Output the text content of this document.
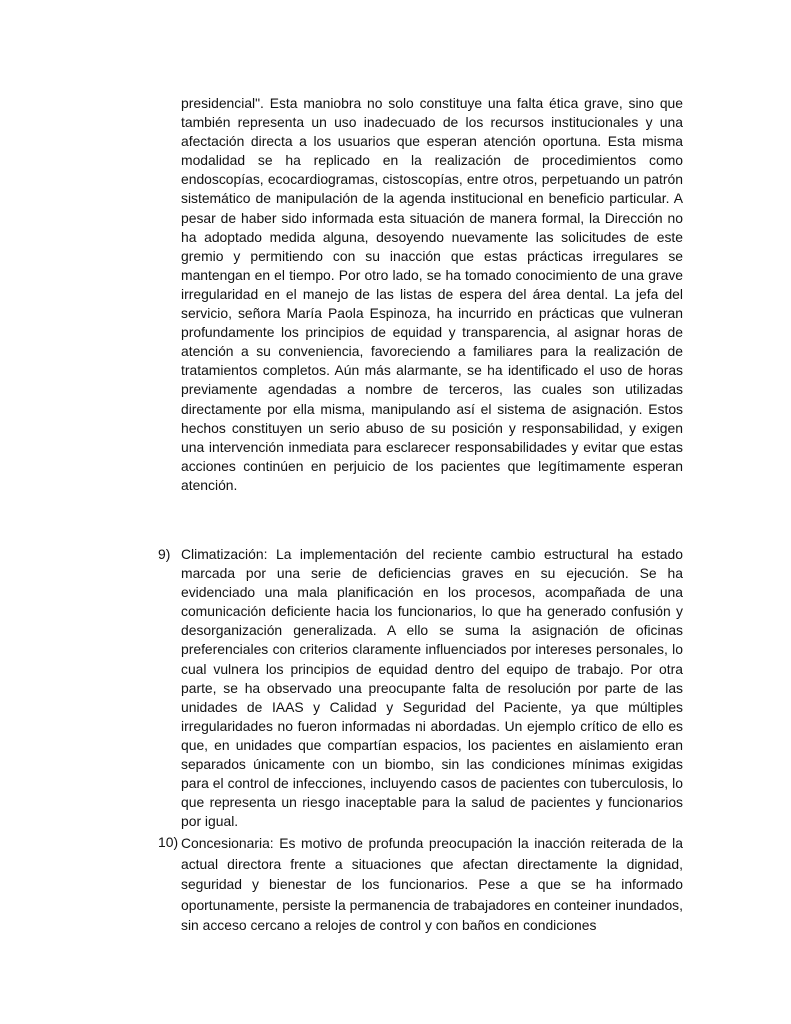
presidencial". Esta maniobra no solo constituye una falta ética grave, sino que también representa un uso inadecuado de los recursos institucionales y una afectación directa a los usuarios que esperan atención oportuna. Esta misma modalidad se ha replicado en la realización de procedimientos como endoscopías, ecocardiogramas, cistoscopías, entre otros, perpetuando un patrón sistemático de manipulación de la agenda institucional en beneficio particular. A pesar de haber sido informada esta situación de manera formal, la Dirección no ha adoptado medida alguna, desoyendo nuevamente las solicitudes de este gremio y permitiendo con su inacción que estas prácticas irregulares se mantengan en el tiempo. Por otro lado, se ha tomado conocimiento de una grave irregularidad en el manejo de las listas de espera del área dental. La jefa del servicio, señora María Paola Espinoza, ha incurrido en prácticas que vulneran profundamente los principios de equidad y transparencia, al asignar horas de atención a su conveniencia, favoreciendo a familiares para la realización de tratamientos completos. Aún más alarmante, se ha identificado el uso de horas previamente agendadas a nombre de terceros, las cuales son utilizadas directamente por ella misma, manipulando así el sistema de asignación. Estos hechos constituyen un serio abuso de su posición y responsabilidad, y exigen una intervención inmediata para esclarecer responsabilidades y evitar que estas acciones continúen en perjuicio de los pacientes que legítimamente esperan atención.

9) Climatización: La implementación del reciente cambio estructural ha estado marcada por una serie de deficiencias graves en su ejecución. Se ha evidenciado una mala planificación en los procesos, acompañada de una comunicación deficiente hacia los funcionarios, lo que ha generado confusión y desorganización generalizada. A ello se suma la asignación de oficinas preferenciales con criterios claramente influenciados por intereses personales, lo cual vulnera los principios de equidad dentro del equipo de trabajo. Por otra parte, se ha observado una preocupante falta de resolución por parte de las unidades de IAAS y Calidad y Seguridad del Paciente, ya que múltiples irregularidades no fueron informadas ni abordadas. Un ejemplo crítico de ello es que, en unidades que compartían espacios, los pacientes en aislamiento eran separados únicamente con un biombo, sin las condiciones mínimas exigidas para el control de infecciones, incluyendo casos de pacientes con tuberculosis, lo que representa un riesgo inaceptable para la salud de pacientes y funcionarios por igual.

10) Concesionaria: Es motivo de profunda preocupación la inacción reiterada de la actual directora frente a situaciones que afectan directamente la dignidad, seguridad y bienestar de los funcionarios. Pese a que se ha informado oportunamente, persiste la permanencia de trabajadores en conteiner inundados, sin acceso cercano a relojes de control y con baños en condiciones
